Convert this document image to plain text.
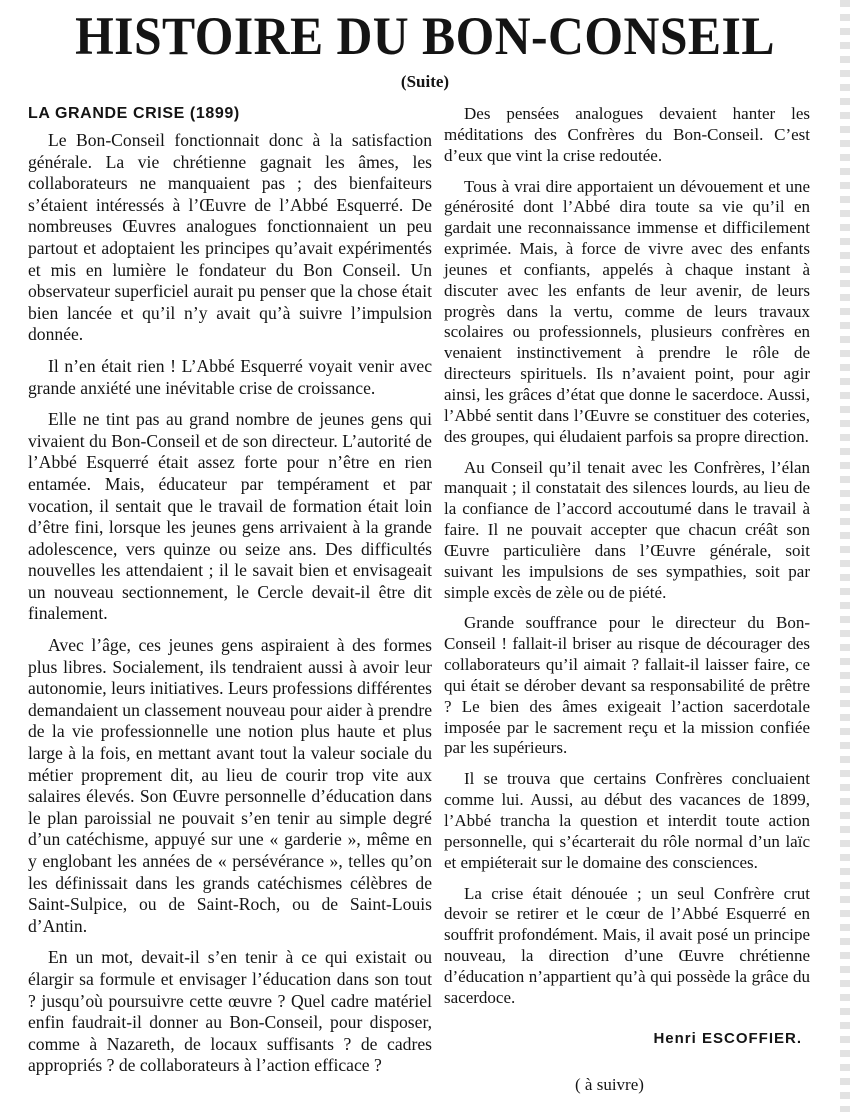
HISTOIRE DU BON-CONSEIL
(Suite)
LA GRANDE CRISE (1899)

Le Bon-Conseil fonctionnait donc à la satisfaction générale. La vie chrétienne gagnait les âmes, les collaborateurs ne manquaient pas ; des bienfaiteurs s’étaient intéressés à l’Œuvre de l’Abbé Esquerré. De nombreuses Œuvres analogues fonctionnaient un peu partout et adoptaient les principes qu’avait expérimentés et mis en lumière le fondateur du Bon Conseil. Un observateur superficiel aurait pu penser que la chose était bien lancée et qu’il n’y avait qu’à suivre l’impulsion donnée.

Il n’en était rien ! L’Abbé Esquerré voyait venir avec grande anxiété une inévitable crise de croissance.

Elle ne tint pas au grand nombre de jeunes gens qui vivaient du Bon-Conseil et de son directeur. L’autorité de l’Abbé Esquerré était assez forte pour n’être en rien entamée. Mais, éducateur par tempérament et par vocation, il sentait que le travail de formation était loin d’être fini, lorsque les jeunes gens arrivaient à la grande adolescence, vers quinze ou seize ans. Des difficultés nouvelles les attendaient ; il le savait bien et envisageait un nouveau sectionnement, le Cercle devait-il être dit finalement.

Avec l’âge, ces jeunes gens aspiraient à des formes plus libres. Socialement, ils tendraient aussi à avoir leur autonomie, leurs initiatives. Leurs professions différentes demandaient un classement nouveau pour aider à prendre de la vie professionnelle une notion plus haute et plus large à la fois, en mettant avant tout la valeur sociale du métier proprement dit, au lieu de courir trop vite aux salaires élevés. Son Œuvre personnelle d’éducation dans le plan paroissial ne pouvait s’en tenir au simple degré d’un catéchisme, appuyé sur une « garderie », même en y englobant les années de « persévérance », telles qu’on les définissait dans les grands catéchismes célèbres de Saint-Sulpice, ou de Saint-Roch, ou de Saint-Louis d’Antin.

En un mot, devait-il s’en tenir à ce qui existait ou élargir sa formule et envisager l’éducation dans son tout ? jusqu’où poursuivre cette œuvre ? Quel cadre matériel enfin faudrait-il donner au Bon-Conseil, pour disposer, comme à Nazareth, de locaux suffisants ? de cadres appropriés ? de collaborateurs à l’action efficace ?

Des pensées analogues devaient hanter les méditations des Confrères du Bon-Conseil. C’est d’eux que vint la crise redoutée.

Tous à vrai dire apportaient un dévouement et une générosité dont l’Abbé dira toute sa vie qu’il en gardait une reconnaissance immense et difficilement exprimée. Mais, à force de vivre avec des enfants jeunes et confiants, appelés à chaque instant à discuter avec les enfants de leur avenir, de leurs progrès dans la vertu, comme de leurs travaux scolaires ou professionnels, plusieurs confrères en venaient instinctivement à prendre le rôle de directeurs spirituels. Ils n’avaient point, pour agir ainsi, les grâces d’état que donne le sacerdoce. Aussi, l’Abbé sentit dans l’Œuvre se constituer des coteries, des groupes, qui éludaient parfois sa propre direction.

Au Conseil qu’il tenait avec les Confrères, l’élan manquait ; il constatait des silences lourds, au lieu de la confiance de l’accord accoutumé dans le travail à faire. Il ne pouvait accepter que chacun créât son Œuvre particulière dans l’Œuvre générale, soit suivant les impulsions de ses sympathies, soit par simple excès de zèle ou de piété.

Grande souffrance pour le directeur du Bon-Conseil ! fallait-il briser au risque de décourager des collaborateurs qu’il aimait ? fallait-il laisser faire, ce qui était se dérober devant sa responsabilité de prêtre ? Le bien des âmes exigeait l’action sacerdotale imposée par le sacrement reçu et la mission confiée par les supérieurs.

Il se trouva que certains Confrères concluaient comme lui. Aussi, au début des vacances de 1899, l’Abbé trancha la question et interdit toute action personnelle, qui s’écarterait du rôle normal d’un laïc et empiéterait sur le domaine des consciences.

La crise était dénouée ; un seul Confrère crut devoir se retirer et le cœur de l’Abbé Esquerré en souffrit profondément. Mais, il avait posé un principe nouveau, la direction d’une Œuvre chrétienne d’éducation n’appartient qu’à qui possède la grâce du sacerdoce.

Henri ESCOFFIER.
( à suivre)
